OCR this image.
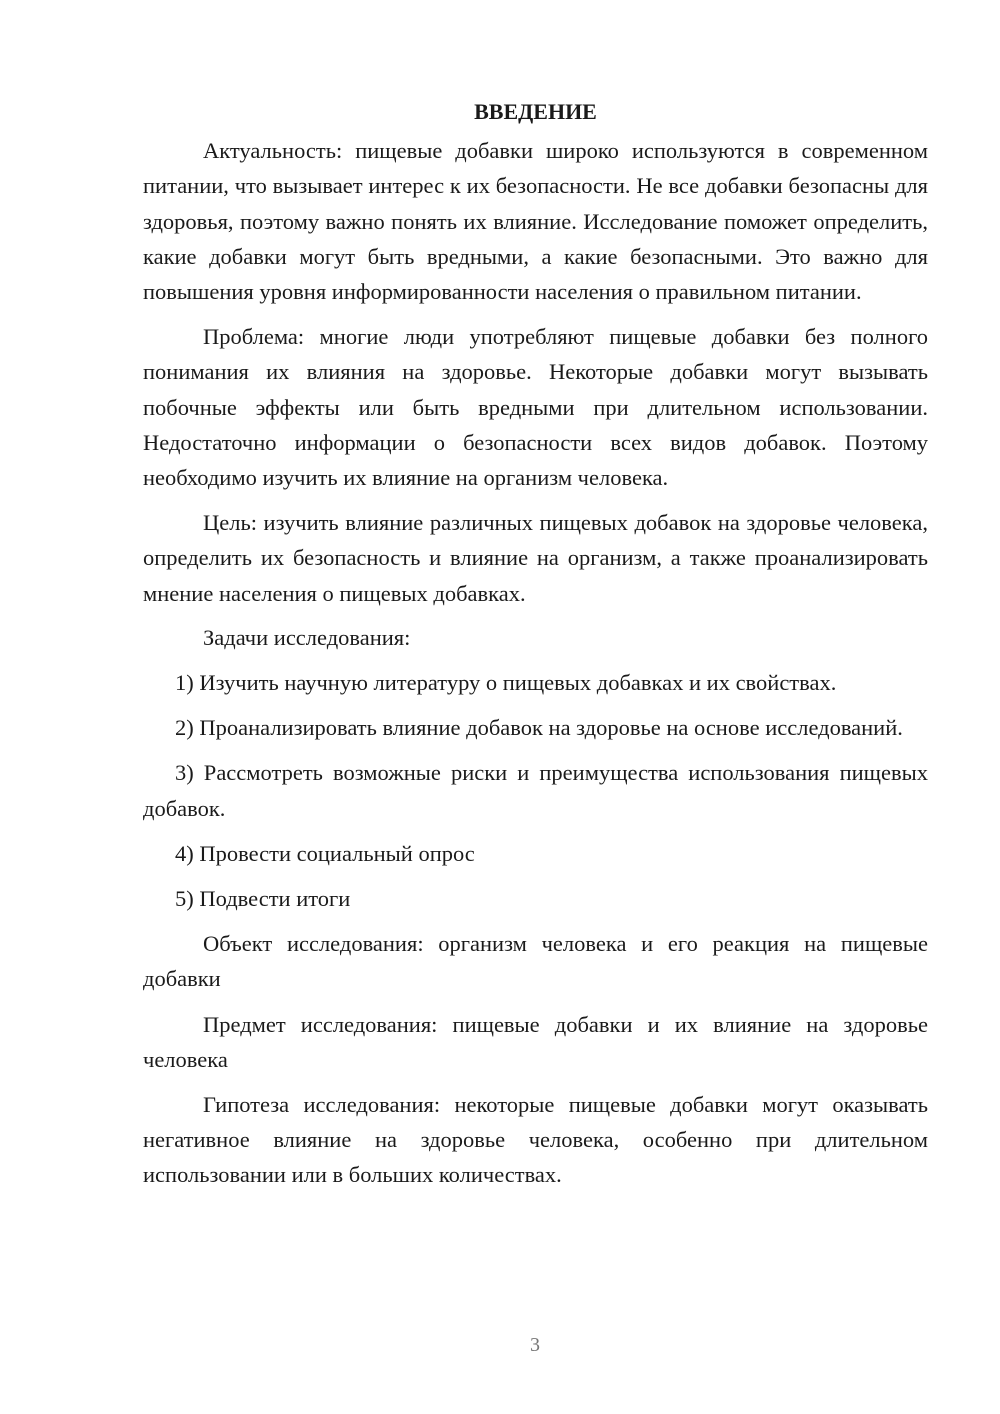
ВВЕДЕНИЕ

Актуальность: пищевые добавки широко используются в современном питании, что вызывает интерес к их безопасности. Не все добавки безопасны для здоровья, поэтому важно понять их влияние. Исследование поможет определить, какие добавки могут быть вредными, а какие безопасными. Это важно для повышения уровня информированности населения о правильном питании.

Проблема: многие люди употребляют пищевые добавки без полного понимания их влияния на здоровье. Некоторые добавки могут вызывать побочные эффекты или быть вредными при длительном использовании. Недостаточно информации о безопасности всех видов добавок. Поэтому необходимо изучить их влияние на организм человека.

Цель: изучить влияние различных пищевых добавок на здоровье человека, определить их безопасность и влияние на организм, а также проанализировать мнение населения о пищевых добавках.

Задачи исследования:

1) Изучить научную литературу о пищевых добавках и их свойствах.

2) Проанализировать влияние добавок на здоровье на основе исследований.

3) Рассмотреть возможные риски и преимущества использования пищевых добавок.

4) Провести социальный опрос

5) Подвести итоги

Объект исследования: организм человека и его реакция на пищевые добавки

Предмет исследования: пищевые добавки и их влияние на здоровье человека

Гипотеза исследования: некоторые пищевые добавки могут оказывать негативное влияние на здоровье человека, особенно при длительном использовании или в больших количествах.

3
